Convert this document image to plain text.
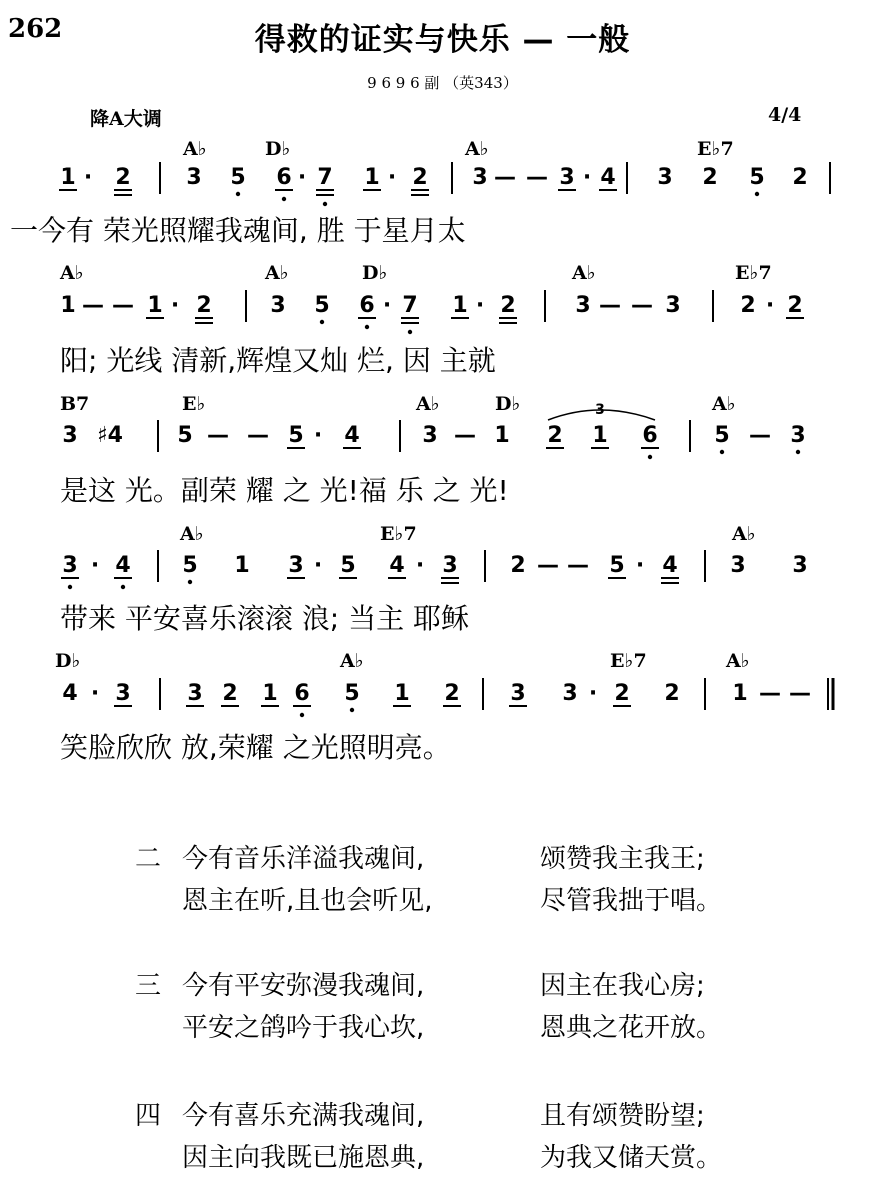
262	得救的证实与快乐 — 一般
9 6 9 6 副 （英343）
降A大调	4/4
A♭	D♭	A♭	E♭7
1 · 2	3 5 6 · 7 1 · 2 3 — — 3 · 4 3 2 5 2
一今有 荣光照耀我魂间, 胜 于星月太
A♭	A♭	D♭	A♭	E♭7
1 — — 1 · 2	3 5 6 · 7 1 · 2	3 — — 3	2 · 2
阳; 光线 清新,辉煌又灿 烂, 因 主就
B7	E♭	A♭	D♭	A♭
3 ♯4 5 — — 5 · 4	3 — 1 2 1 6	5 — 3
是这 光。副荣 耀 之 光!福 乐 之 光!
A♭	E♭7	A♭
3 · 4 5 1 3 · 5 4 · 3 2 — — 5 · 4 3 3
带来 平安喜乐滚滚 浪; 当主 耶稣
D♭	A♭	E♭7	A♭
4 · 3	3 2 1 6 5 1 2 3 3 · 2 2 1 — —
笑脸欣欣 放,荣耀 之光照明亮。
3
二 今有音乐洋溢我魂间,	颂赞我主我王;
恩主在听,且也会听见,	尽管我拙于唱。
三 今有平安弥漫我魂间,	因主在我心房;
平安之鸽吟于我心坎,	恩典之花开放。
四 今有喜乐充满我魂间,	且有颂赞盼望;
因主向我既已施恩典,	为我又储天赏。
